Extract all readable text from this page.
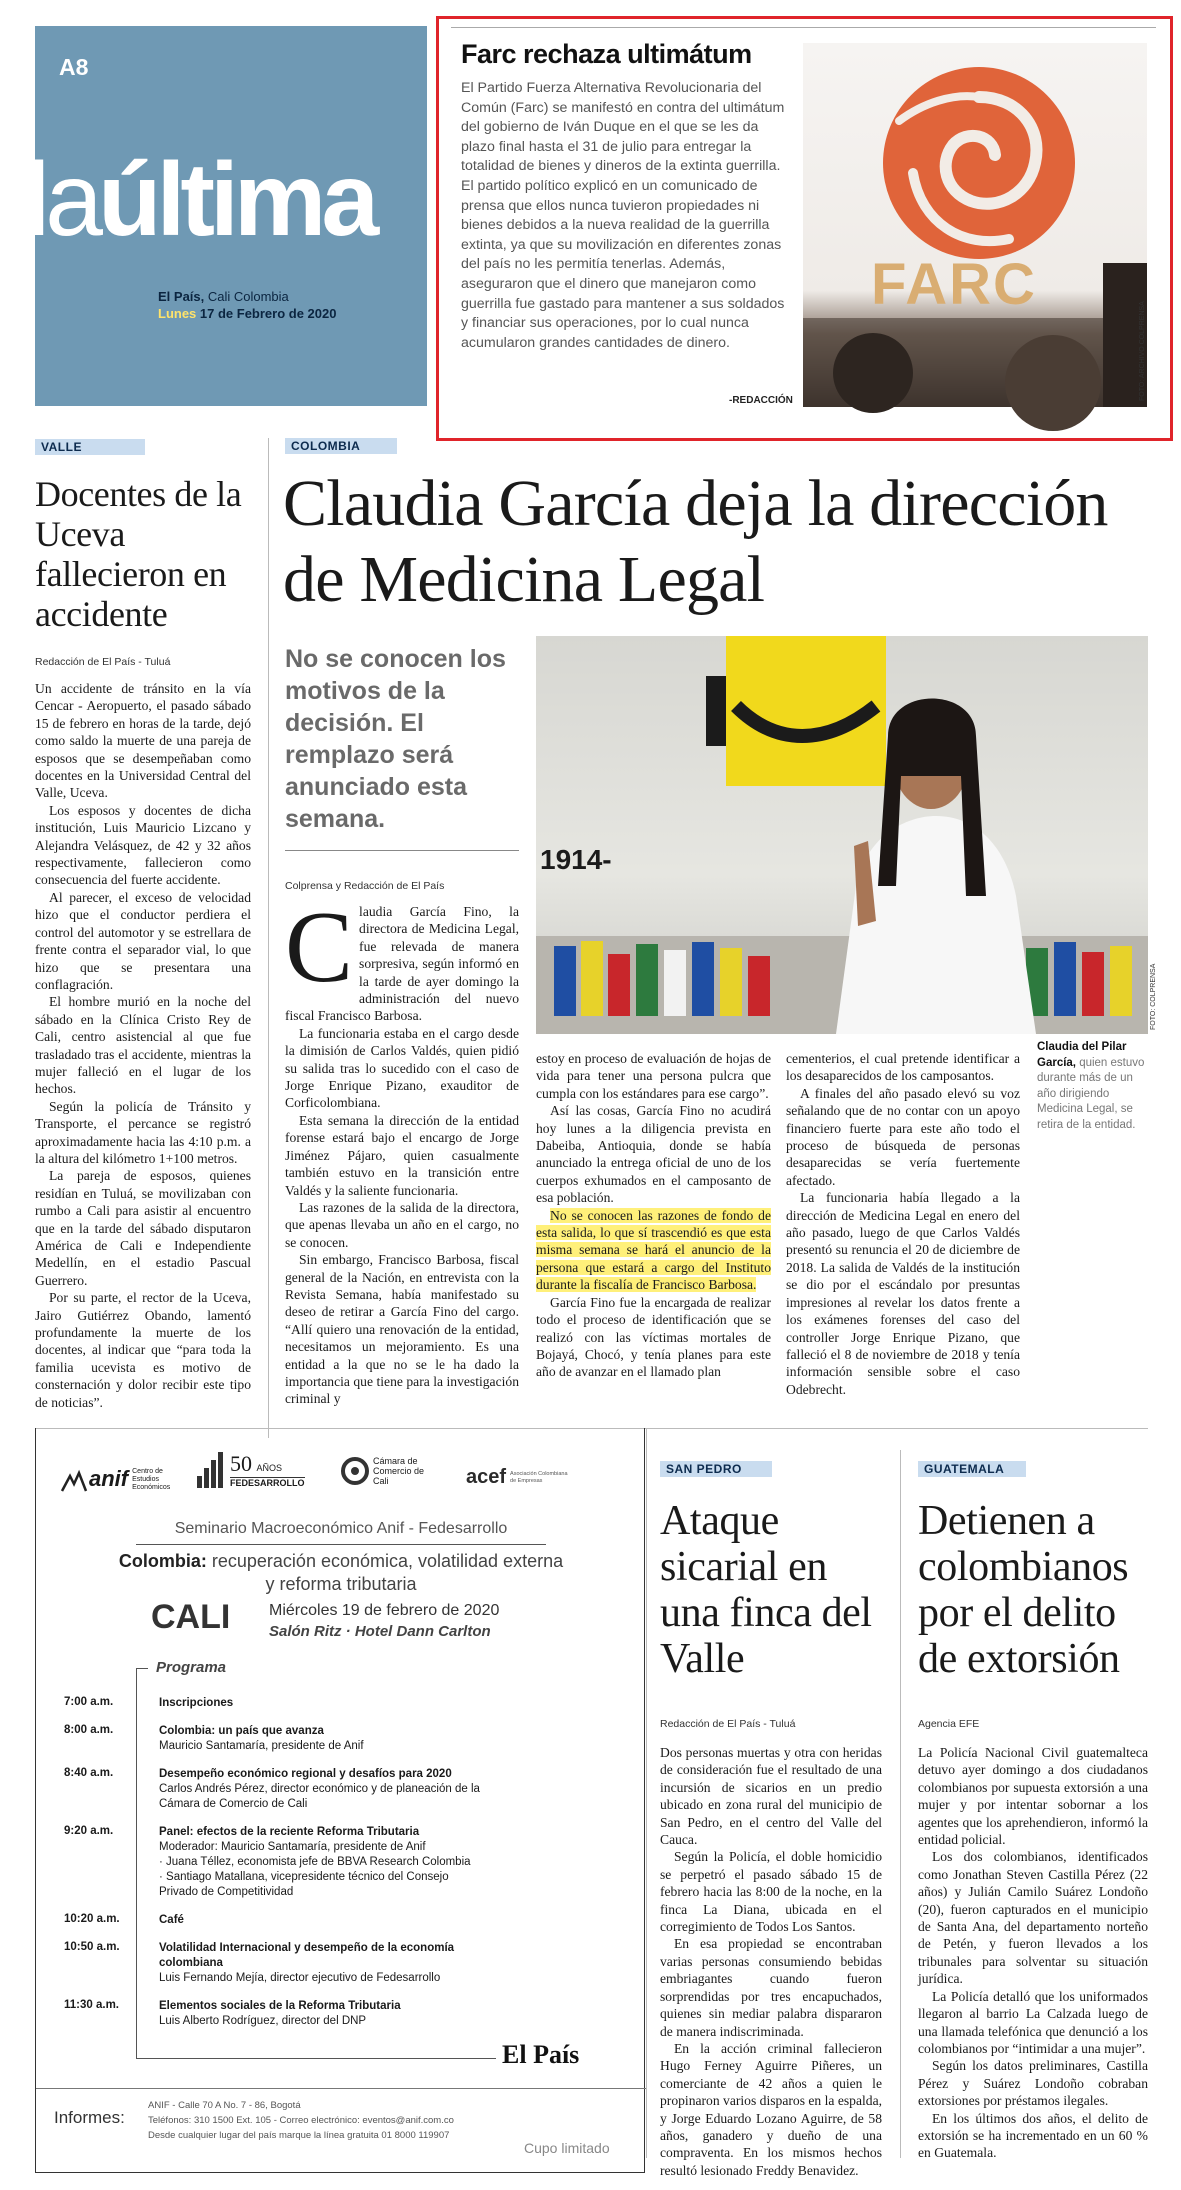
A8
laúltima
El País, Cali Colombia
Lunes 17 de Febrero de 2020
Farc rechaza ultimátum
El Partido Fuerza Alternativa Revolucionaria del Común (Farc) se manifestó en contra del ultimátum del gobierno de Iván Duque en el que se les da plazo final hasta el 31 de julio para entregar la totalidad de bienes y dineros de la extinta guerrilla. El partido político explicó en un comunicado de prensa que ellos nunca tuvieron propiedades ni bienes debidos a la nueva realidad de la guerrilla extinta, ya que su movilización en diferentes zonas del país no les permitía tenerlas. Además, aseguraron que el dinero que manejaron como guerrilla fue gastado para mantener a sus soldados y financiar sus operaciones, por lo cual nunca acumularon grandes cantidades de dinero.
-REDACCIÓN
FARC
FOTO: ARCHIVO COLPRENSA
VALLE
Docentes de la Uceva fallecieron en accidente
Redacción de El País - Tuluá

Un accidente de tránsito en la vía Cencar - Aeropuerto, el pasado sábado 15 de febrero en horas de la tarde, dejó como saldo la muerte de una pareja de esposos que se desempeñaban como docentes en la Universidad Central del Valle, Uceva.

Los esposos y docentes de dicha institución, Luis Mauricio Lizcano y Alejandra Velásquez, de 42 y 32 años respectivamente, fallecieron como consecuencia del fuerte accidente.

Al parecer, el exceso de velocidad hizo que el conductor perdiera el control del automotor y se estrellara de frente contra el separador vial, lo que hizo que se presentara una conflagración.

El hombre murió en la noche del sábado en la Clínica Cristo Rey de Cali, centro asistencial al que fue trasladado tras el accidente, mientras la mujer falleció en el lugar de los hechos.

Según la policía de Tránsito y Transporte, el percance se registró aproximadamente hacia las 4:10 p.m. a la altura del kilómetro 1+100 metros.

La pareja de esposos, quienes residían en Tuluá, se movilizaban con rumbo a Cali para asistir al encuentro que en la tarde del sábado disputaron América de Cali e Independiente Medellín, en el estadio Pascual Guerrero.

Por su parte, el rector de la Uceva, Jairo Gutiérrez Obando, lamentó profundamente la muerte de los docentes, al indicar que “para toda la familia ucevista es motivo de consternación y dolor recibir este tipo de noticias”.

COLOMBIA
Claudia García deja la dirección de Medicina Legal
No se conocen los motivos de la decisión. El remplazo será anunciado esta semana.
Colprensa y Redacción de El País
1914-
FOTO: COLPRENSA
Claudia del Pilar García, quien estuvo durante más de un año dirigiendo Medicina Legal, se retira de la entidad.
C laudia García Fino, la directora de Medicina Legal, fue relevada de manera sorpresiva, según informó en la tarde de ayer domingo la administración del nuevo fiscal Francisco Barbosa.

La funcionaria estaba en el cargo desde la dimisión de Carlos Valdés, quien pidió su salida tras lo sucedido con el caso de Jorge Enrique Pizano, exauditor de Corficolombiana.

Esta semana la dirección de la entidad forense estará bajo el encargo de Jorge Jiménez Pájaro, quien casualmente también estuvo en la transición entre Valdés y la saliente funcionaria.

Las razones de la salida de la directora, que apenas llevaba un año en el cargo, no se conocen.

Sin embargo, Francisco Barbosa, fiscal general de la Nación, en entrevista con la Revista Semana, había manifestado su deseo de retirar a García Fino del cargo. “Allí quiero una renovación de la entidad, necesitamos un mejoramiento. Es una entidad a la que no se le ha dado la importancia que tiene para la investigación criminal y

estoy en proceso de evaluación de hojas de vida para tener una persona pulcra que cumpla con los estándares para ese cargo”.

Así las cosas, García Fino no acudirá hoy lunes a la diligencia prevista en Dabeiba, Antioquia, donde se había anunciado la entrega oficial de uno de los cuerpos exhumados en el camposanto de esa población.

No se conocen las razones de fondo de esta salida, lo que sí trascendió es que esta misma semana se hará el anuncio de la persona que estará a cargo del Instituto durante la fiscalía de Francisco Barbosa.

García Fino fue la encargada de realizar todo el proceso de identificación que se realizó con las víctimas mortales de Bojayá, Chocó, y tenía planes para este año de avanzar en el llamado plan

cementerios, el cual pretende identificar a los desaparecidos de los camposantos.

A finales del año pasado elevó su voz señalando que de no contar con un apoyo financiero fuerte para este año todo el proceso de búsqueda de personas desaparecidas se vería fuertemente afectado.

La funcionaria había llegado a la dirección de Medicina Legal en enero del año pasado, luego de que Carlos Valdés presentó su renuncia el 20 de diciembre de 2018. La salida de Valdés de la institución se dio por el escándalo por presuntas impresiones al revelar los datos frente a los exámenes forenses del caso del controller Jorge Enrique Pizano, que falleció el 8 de noviembre de 2018 y tenía información sensible sobre el caso Odebrecht.

anif Centro de Estudios Económicos
50 AÑOS
FEDESARROLLO
Cámara de Comercio de Cali	acef Asociación Colombiana de Empresas
Seminario Macroeconómico Anif - Fedesarrollo
Colombia: recuperación económica, volatilidad externa y reforma tributaria
CALI Miércoles 19 de febrero de 2020
Salón Ritz · Hotel Dann Carlton
Programa
7:00 a.m.	Inscripciones
8:00 a.m.	Colombia: un país que avanza
Mauricio Santamaría, presidente de Anif
8:40 a.m.	Desempeño económico regional y desafíos para 2020
Carlos Andrés Pérez, director económico y de planeación de la Cámara de Comercio de Cali
9:20 a.m.	Panel: efectos de la reciente Reforma Tributaria
Moderador: Mauricio Santamaría, presidente de Anif
· Juana Téllez, economista jefe de BBVA Research Colombia
· Santiago Matallana, vicepresidente técnico del Consejo Privado de Competitividad
10:20 a.m.	Café
10:50 a.m.	Volatilidad Internacional y desempeño de la economía colombiana
Luis Fernando Mejía, director ejecutivo de Fedesarrollo
11:30 a.m.	Elementos sociales de la Reforma Tributaria
Luis Alberto Rodríguez, director del DNP
El País
Informes:
ANIF - Calle 70 A No. 7 - 86, Bogotá
Teléfonos: 310 1500 Ext. 105 - Correo electrónico: eventos@anif.com.co
Desde cualquier lugar del país marque la línea gratuita 01 8000 119907
Cupo limitado
SAN PEDRO
Ataque sicarial en una finca del Valle
Redacción de El País - Tuluá

Dos personas muertas y otra con heridas de consideración fue el resultado de una incursión de sicarios en un predio ubicado en zona rural del municipio de San Pedro, en el centro del Valle del Cauca.

Según la Policía, el doble homicidio se perpetró el pasado sábado 15 de febrero hacia las 8:00 de la noche, en la finca La Diana, ubicada en el corregimiento de Todos Los Santos.

En esa propiedad se encontraban varias personas consumiendo bebidas embriagantes cuando fueron sorprendidas por tres encapuchados, quienes sin mediar palabra dispararon de manera indiscriminada.

En la acción criminal fallecieron Hugo Ferney Aguirre Piñeres, un comerciante de 42 años a quien le propinaron varios disparos en la espalda, y Jorge Eduardo Lozano Aguirre, de 58 años, ganadero y dueño de una compraventa. En los mismos hechos resultó lesionado Freddy Benavidez.

GUATEMALA
Detienen a colombianos por el delito de extorsión
Agencia EFE

La Policía Nacional Civil guatemalteca detuvo ayer domingo a dos ciudadanos colombianos por supuesta extorsión a una mujer y por intentar sobornar a los agentes que los aprehendieron, informó la entidad policial.

Los dos colombianos, identificados como Jonathan Steven Castilla Pérez (22 años) y Julián Camilo Suárez Londoño (20), fueron capturados en el municipio de Santa Ana, del departamento norteño de Petén, y fueron llevados a los tribunales para solventar su situación jurídica.

La Policía detalló que los uniformados llegaron al barrio La Calzada luego de una llamada telefónica que denunció a los colombianos por “intimidar a una mujer”.

Según los datos preliminares, Castilla Pérez y Suárez Londoño cobraban extorsiones por préstamos ilegales.

En los últimos dos años, el delito de extorsión se ha incrementado en un 60 % en Guatemala.
